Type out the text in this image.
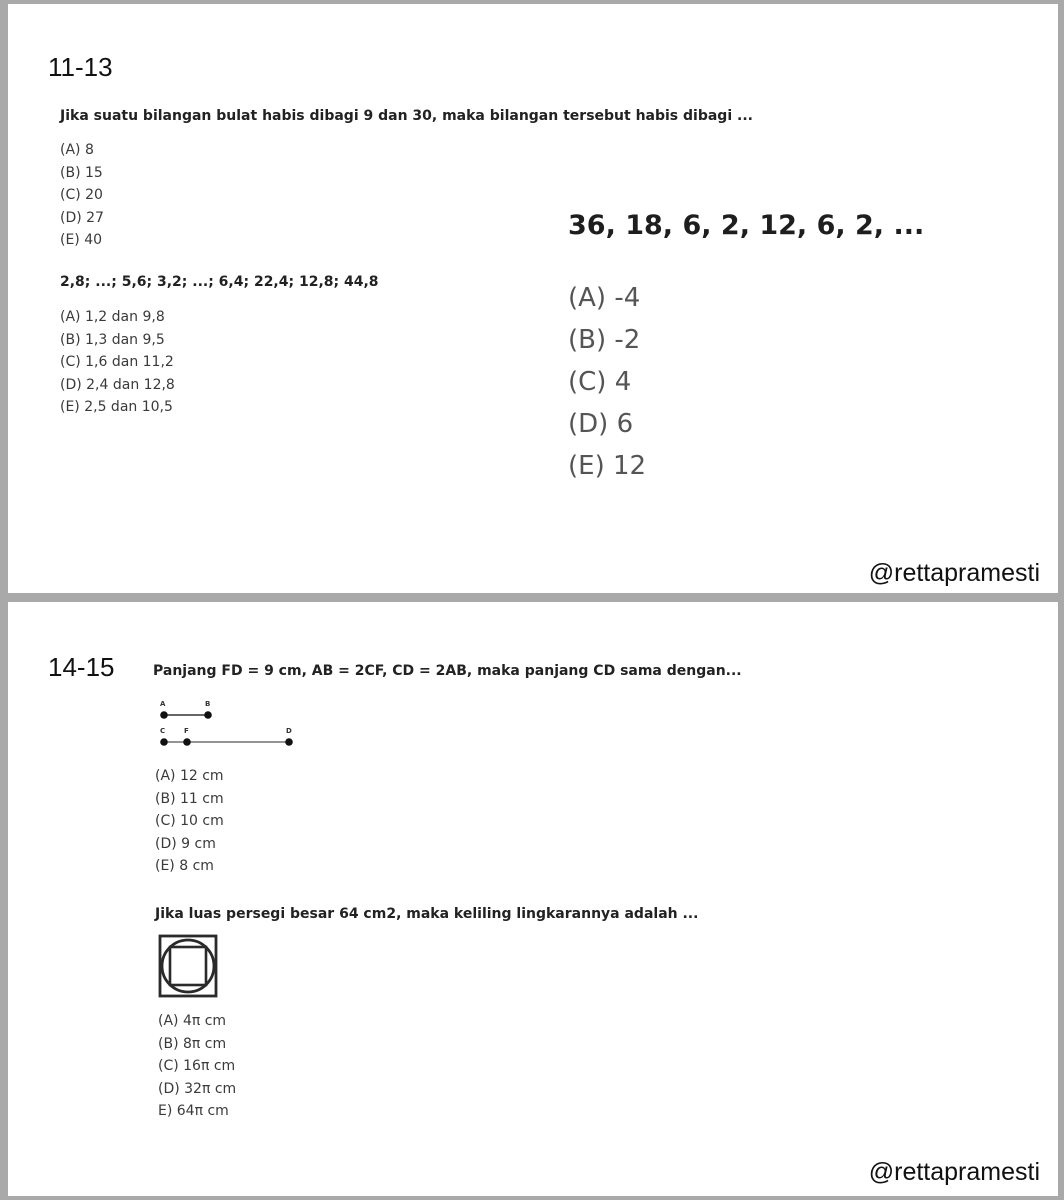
11-13
Jika suatu bilangan bulat habis dibagi 9 dan 30, maka bilangan tersebut habis dibagi ...
(A) 8
(B) 15
(C) 20
(D) 27
(E) 40
2,8; ...; 5,6; 3,2; ...; 6,4; 22,4; 12,8; 44,8
(A) 1,2 dan 9,8
(B) 1,3 dan 9,5
(C) 1,6 dan 11,2
(D) 2,4 dan 12,8
(E) 2,5 dan 10,5
36, 18, 6, 2, 12, 6, 2, ...
(A) -4
(B) -2
(C) 4
(D) 6
(E) 12
@rettapramesti
14-15	Panjang FD = 9 cm, AB = 2CF, CD = 2AB, maka panjang CD sama dengan...
A	B
C	F	D
(A) 12 cm
(B) 11 cm
(C) 10 cm
(D) 9 cm
(E) 8 cm
Jika luas persegi besar 64 cm2, maka keliling lingkarannya adalah ...
(A) 4π cm
(B) 8π cm
(C) 16π cm
(D) 32π cm
E) 64π cm
@rettapramesti
